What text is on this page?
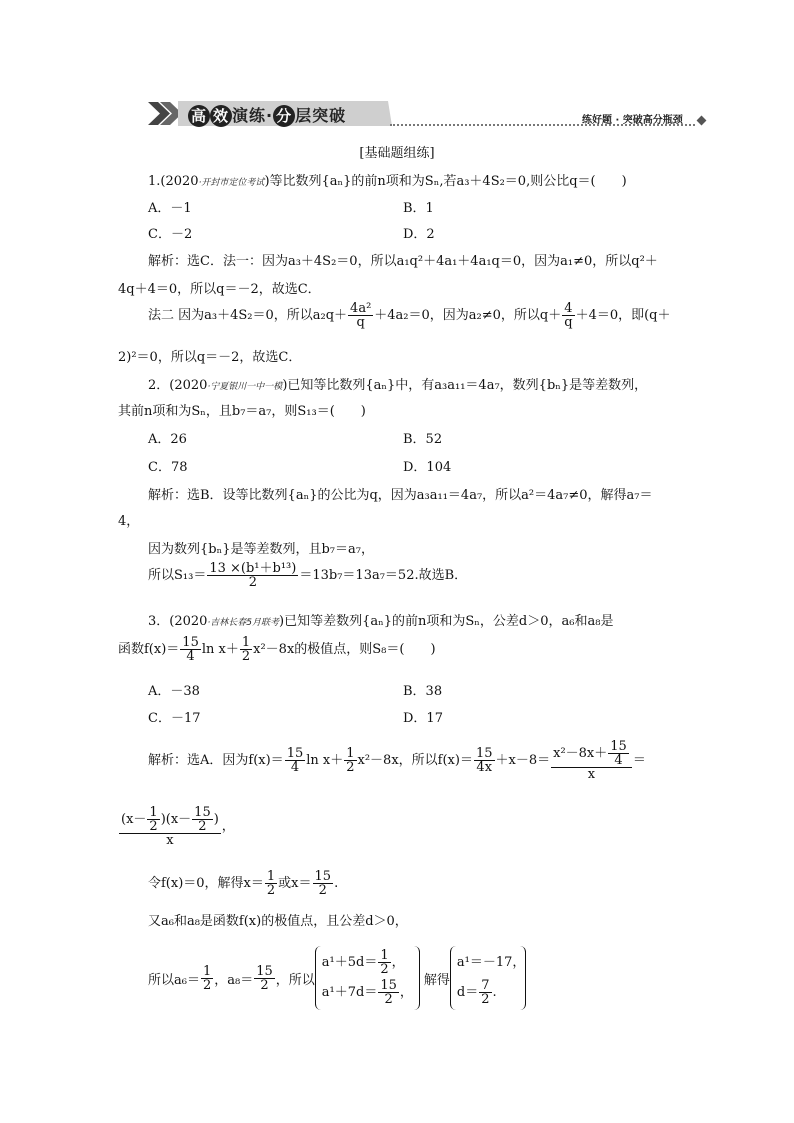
高 效 演练· 分 层突破	练好题 · 突破高分瓶颈
[基础题组练]
1.(2020·开封市定位考试)等比数列{aₙ}的前n项和为Sₙ,若a₃＋4S₂＝0,则公比q＝(　　)
A．－1	B．1
C．－2	D．2
解析：选C．法一：因为a₃＋4S₂＝0，所以a₁q²＋4a₁＋4a₁q＝0，因为a₁≠0，所以q²＋
4q＋4＝0，所以q＝－2，故选C．
法二 因为a₃＋4S₂＝0，所以$a_2q+ \frac{\text{4a²}}{q} +4a_2=0$，因为a₂≠0，所以$q+ \frac{4}{q} +4=0$，即(q＋
2)²＝0，所以q＝－2，故选C．
2．(2020·宁夏银川一中一模)已知等比数列{aₙ}中，有a₃a₁₁＝4a₇，数列{bₙ}是等差数列，
其前n项和为Sₙ，且b₇＝a₇，则S₁₃＝(　　)
A．26	B．52
C．78	D．104
解析：选B．设等比数列{aₙ}的公比为q，因为a₃a₁₁＝4a₇，所以a²＝4a₇≠0，解得a₇＝
4，
因为数列{bₙ}是等差数列，且b₇＝a₇，
所以$S_{13}= \frac{\text{13 ×(b¹＋b¹³)}}{2} =13b_7=13a_7=52$.故选B．
3．(2020·吉林长春5月联考)已知等差数列{aₙ}的前n项和为Sₙ，公差d＞0，a₆和a₈是
函数$f(x)= \frac{15}{4}$ $\ln x+ \frac{1}{2} x^2-8x$的极值点，则S₈＝(　　)
A．－38	B．38
C．－17	D．17
解析：选A．因为$f(x)= \frac{15}{4}$ $\ln x+ \frac{1}{2} x^2-8x$，所以$f(x)= \frac{15}{4x} +x-8= \frac{x^2-8x+ \frac{15}{4}}{x}$ ＝
$\frac{(x- \frac{1}{2} )(x- \frac{15}{2} )}{x}$ ，
令f(x)＝0，解得$x= \frac{1}{2}$ 或$x= \frac{15}{2}$ .
又a₆和a₈是函数f(x)的极值点，且公差d＞0，
所以$a_6= \frac{1}{2}$ ，$a_8= \frac{15}{2}$ ，所以
$a^1+5d= \frac{1}{2}$ ，
$a^1+7d= \frac{15}{2}$ ，
解得
a¹＝－17，
$d= \frac{7}{2}$ .
